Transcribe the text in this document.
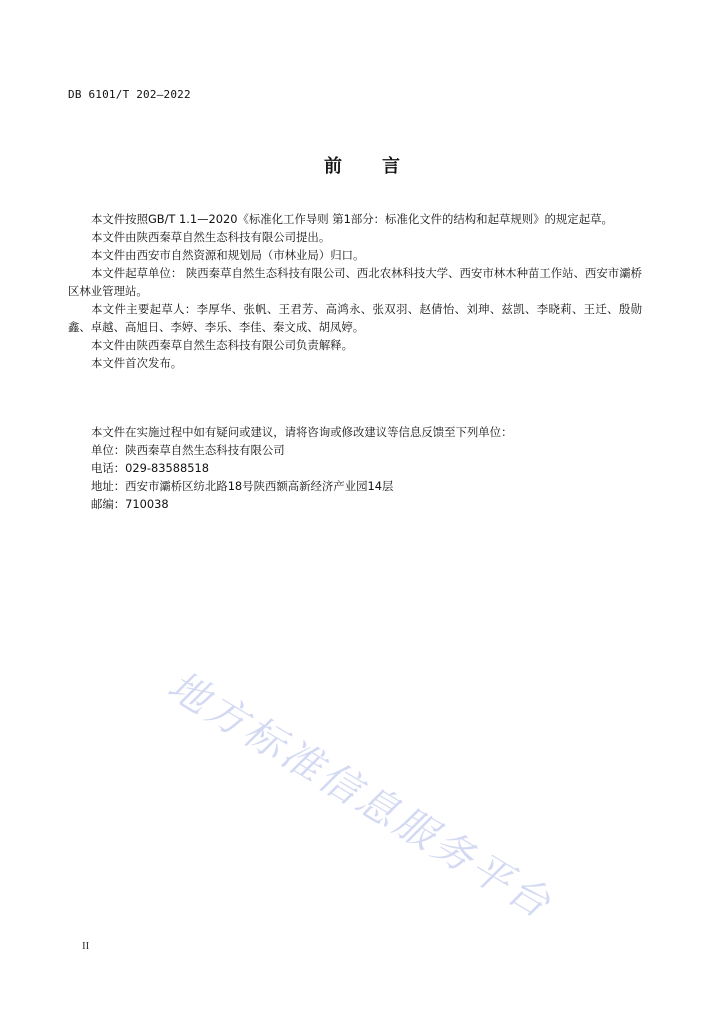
DB 6101/T 202—2022
前 言

本文件按照GB/T 1.1—2020《标准化工作导则 第1部分：标准化文件的结构和起草规则》的规定起草。

本文件由陕西秦草自然生态科技有限公司提出。

本文件由西安市自然资源和规划局（市林业局）归口。

本文件起草单位： 陕西秦草自然生态科技有限公司、西北农林科技大学、西安市林木种苗工作站、西安市灞桥区林业管理站。

本文件主要起草人：李厚华、张帆、王君芳、高鸿永、张双羽、赵倩怡、刘珅、兹凯、李晓莉、王迁、殷勋鑫、卓越、高旭日、李婷、李乐、李佳、秦文成、胡凤婷。

本文件由陕西秦草自然生态科技有限公司负责解释。

本文件首次发布。

本文件在实施过程中如有疑问或建议，请将咨询或修改建议等信息反馈至下列单位：

单位：陕西秦草自然生态科技有限公司

电话：029-83588518

地址：西安市灞桥区纺北路18号陕西额高新经济产业园14层

邮编：710038

地方标准信息服务平台
II
